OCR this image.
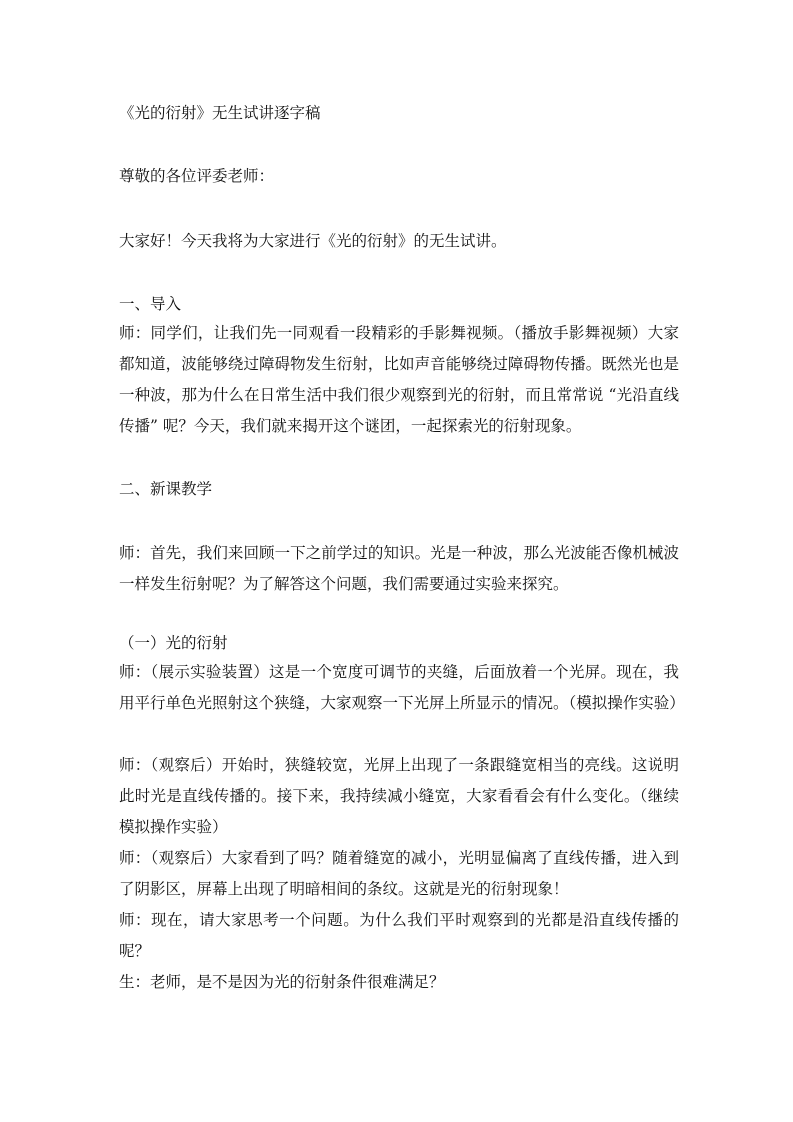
《光的衍射》无生试讲逐字稿

尊敬的各位评委老师：

大家好！今天我将为大家进行《光的衍射》的无生试讲。

一、导入

师：同学们，让我们先一同观看一段精彩的手影舞视频。（播放手影舞视频）大家都知道，波能够绕过障碍物发生衍射，比如声音能够绕过障碍物传播。既然光也是一种波，那为什么在日常生活中我们很少观察到光的衍射，而且常常说 “光沿直线传播” 呢？今天，我们就来揭开这个谜团，一起探索光的衍射现象。

二、新课教学

师：首先，我们来回顾一下之前学过的知识。光是一种波，那么光波能否像机械波一样发生衍射呢？为了解答这个问题，我们需要通过实验来探究。

（一）光的衍射

师：（展示实验装置）这是一个宽度可调节的夹缝，后面放着一个光屏。现在，我用平行单色光照射这个狭缝，大家观察一下光屏上所显示的情况。（模拟操作实验）

师：（观察后）开始时，狭缝较宽，光屏上出现了一条跟缝宽相当的亮线。这说明此时光是直线传播的。接下来，我持续减小缝宽，大家看看会有什么变化。（继续模拟操作实验）

师：（观察后）大家看到了吗？随着缝宽的减小，光明显偏离了直线传播，进入到了阴影区，屏幕上出现了明暗相间的条纹。这就是光的衍射现象！

师：现在，请大家思考一个问题。为什么我们平时观察到的光都是沿直线传播的呢？

生：老师，是不是因为光的衍射条件很难满足？
